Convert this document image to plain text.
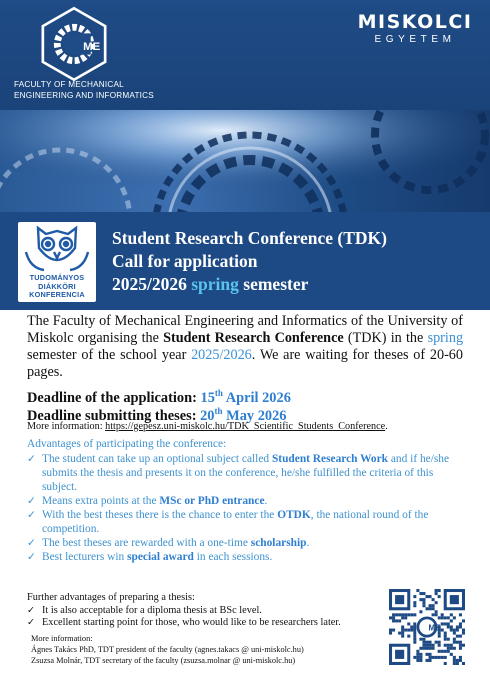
ME
FACULTY OF MECHANICAL
ENGINEERING AND INFORMATICS
MISKOLCI
EGYETEM
TUDOMÁNYOS
DIÁKKÖRI
KONFERENCIA
Student Research Conference (TDK)
Call for application
2025/2026 spring semester
The Faculty of Mechanical Engineering and Informatics of the University of Miskolc organising the Student Research Conference (TDK) in the spring semester of the school year 2025/2026. We are waiting for theses of 20-60 pages.
Deadline of the application: 15th April 2026
Deadline submitting theses: 20th May 2026
More information: https://gepesz.uni-miskolc.hu/TDK_Scientific_Students_Conference.
Advantages of participating the conference:
✓ The student can take up an optional subject called Student Research Work and if he/she submits the thesis and presents it on the conference, he/she fulfilled the criteria of this subject.
✓ Means extra points at the MSc or PhD entrance.
✓ With the best theses there is the chance to enter the OTDK, the national round of the competition.
✓ The best theses are rewarded with a one-time scholarship.
✓ Best lecturers win special award in each sessions.
Further advantages of preparing a thesis:
✓ It is also acceptable for a diploma thesis at BSc level.
✓ Excellent starting point for those, who would like to be researchers later.
More information:
Ágnes Takács PhD, TDT president of the faculty (agnes.takacs @ uni-miskolc.hu)
Zsuzsa Molnár, TDT secretary of the faculty (zsuzsa.molnar @ uni-miskolc.hu)
ME
